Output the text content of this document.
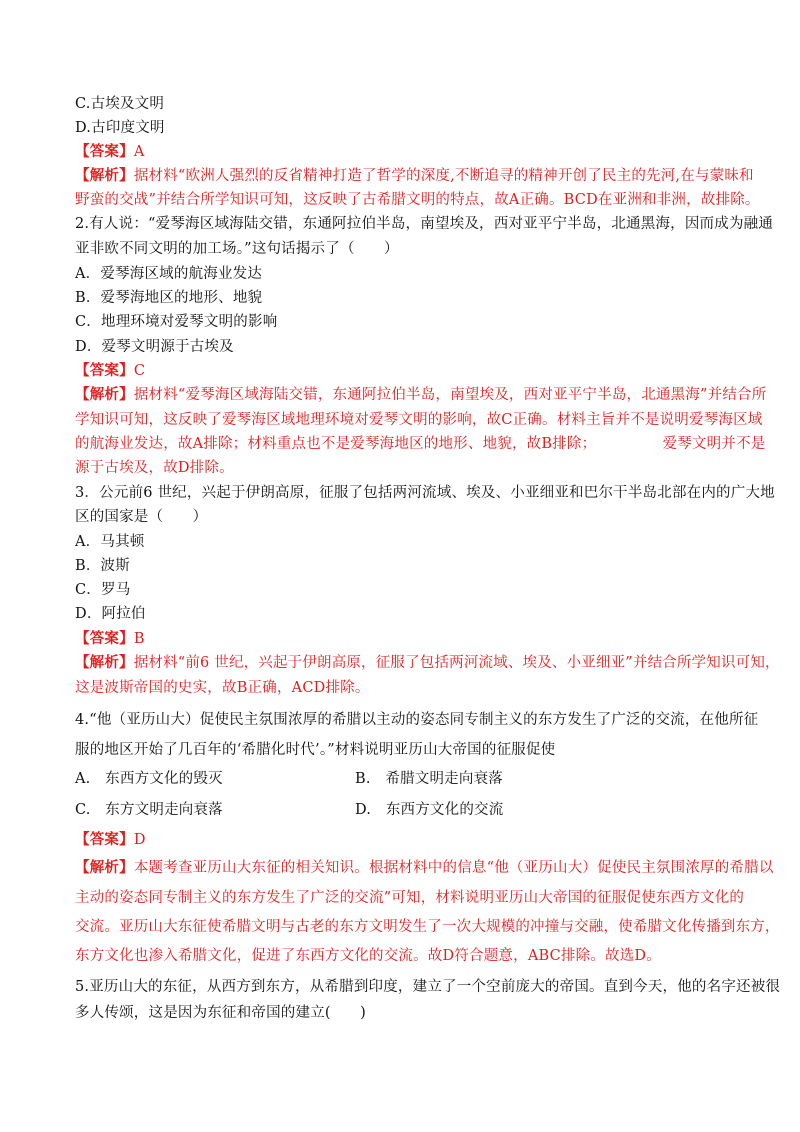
C.古埃及文明
D.古印度文明
【答案】A
【解析】据材料“欧洲人强烈的反省精神打造了哲学的深度,不断追寻的精神开创了民主的先河,在与蒙昧和
野蛮的交战”并结合所学知识可知，这反映了古希腊文明的特点，故A正确。BCD在亚洲和非洲，故排除。
2.有人说：“爱琴海区域海陆交错，东通阿拉伯半岛，南望埃及，西对亚平宁半岛，北通黑海，因而成为融通
亚非欧不同文明的加工场。”这句话揭示了（　　）
A．爱琴海区域的航海业发达
B．爱琴海地区的地形、地貌
C．地理环境对爱琴文明的影响
D．爱琴文明源于古埃及
【答案】C
【解析】据材料“爱琴海区域海陆交错，东通阿拉伯半岛，南望埃及，西对亚平宁半岛，北通黑海”并结合所
学知识可知，这反映了爱琴海区域地理环境对爱琴文明的影响，故C正确。材料主旨并不是说明爱琴海区域
的航海业发达，故A排除；材料重点也不是爱琴海地区的地形、地貌，故B排除；　　　　　爱琴文明并不是
源于古埃及，故D排除。
3．公元前6 世纪，兴起于伊朗高原，征服了包括两河流域、埃及、小亚细亚和巴尔干半岛北部在内的广大地
区的国家是（　　）
A．马其顿
B．波斯
C．罗马
D．阿拉伯
【答案】B
【解析】据材料“前6 世纪，兴起于伊朗高原，征服了包括两河流域、埃及、小亚细亚”并结合所学知识可知，
这是波斯帝国的史实，故B正确，ACD排除。
4.“他（亚历山大）促使民主氛围浓厚的希腊以主动的姿态同专制主义的东方发生了广泛的交流，在他所征
服的地区开始了几百年的‘希腊化时代’。”材料说明亚历山大帝国的征服促使
A.　东西方文化的毁灭	B.　希腊文明走向衰落
C.　东方文明走向衰落	D.　东西方文化的交流
【答案】D
【解析】本题考查亚历山大东征的相关知识。根据材料中的信息“他（亚历山大）促使民主氛围浓厚的希腊以
主动的姿态同专制主义的东方发生了广泛的交流”可知，材料说明亚历山大帝国的征服促使东西方文化的
交流。亚历山大东征使希腊文明与古老的东方文明发生了一次大规模的冲撞与交融，使希腊文化传播到东方，
东方文化也渗入希腊文化，促进了东西方文化的交流。故D符合题意，ABC排除。故选D。
5.亚历山大的东征，从西方到东方，从希腊到印度，建立了一个空前庞大的帝国。直到今天，他的名字还被很
多人传颂，这是因为东征和帝国的建立(　　)
